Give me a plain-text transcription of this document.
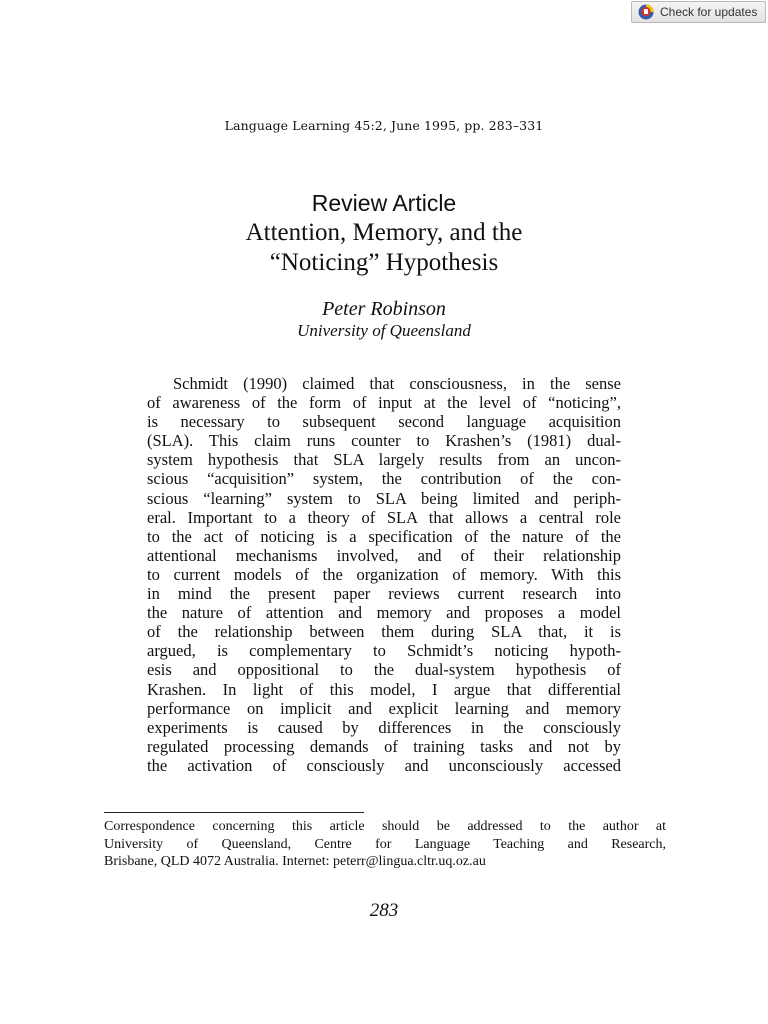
Check for updates
Language Learning 45:2, June 1995, pp. 283–331
Review Article
Attention, Memory, and the
“Noticing” Hypothesis
Peter Robinson
University of Queensland
Schmidt (1990) claimed that consciousness, in the sense
of awareness of the form of input at the level of “noticing”,
is necessary to subsequent second language acquisition
(SLA). This claim runs counter to Krashen’s (1981) dual-
system hypothesis that SLA largely results from an uncon-
scious “acquisition” system, the contribution of the con-
scious “learning” system to SLA being limited and periph-
eral. Important to a theory of SLA that allows a central role
to the act of noticing is a specification of the nature of the
attentional mechanisms involved, and of their relationship
to current models of the organization of memory. With this
in mind the present paper reviews current research into
the nature of attention and memory and proposes a model
of the relationship between them during SLA that, it is
argued, is complementary to Schmidt’s noticing hypoth-
esis and oppositional to the dual-system hypothesis of
Krashen. In light of this model, I argue that differential
performance on implicit and explicit learning and memory
experiments is caused by differences in the consciously
regulated processing demands of training tasks and not by
the activation of consciously and unconsciously accessed
Correspondence concerning this article should be addressed to the author at
University of Queensland, Centre for Language Teaching and Research,
Brisbane, QLD 4072 Australia. Internet: peterr@lingua.cltr.uq.oz.au
283
